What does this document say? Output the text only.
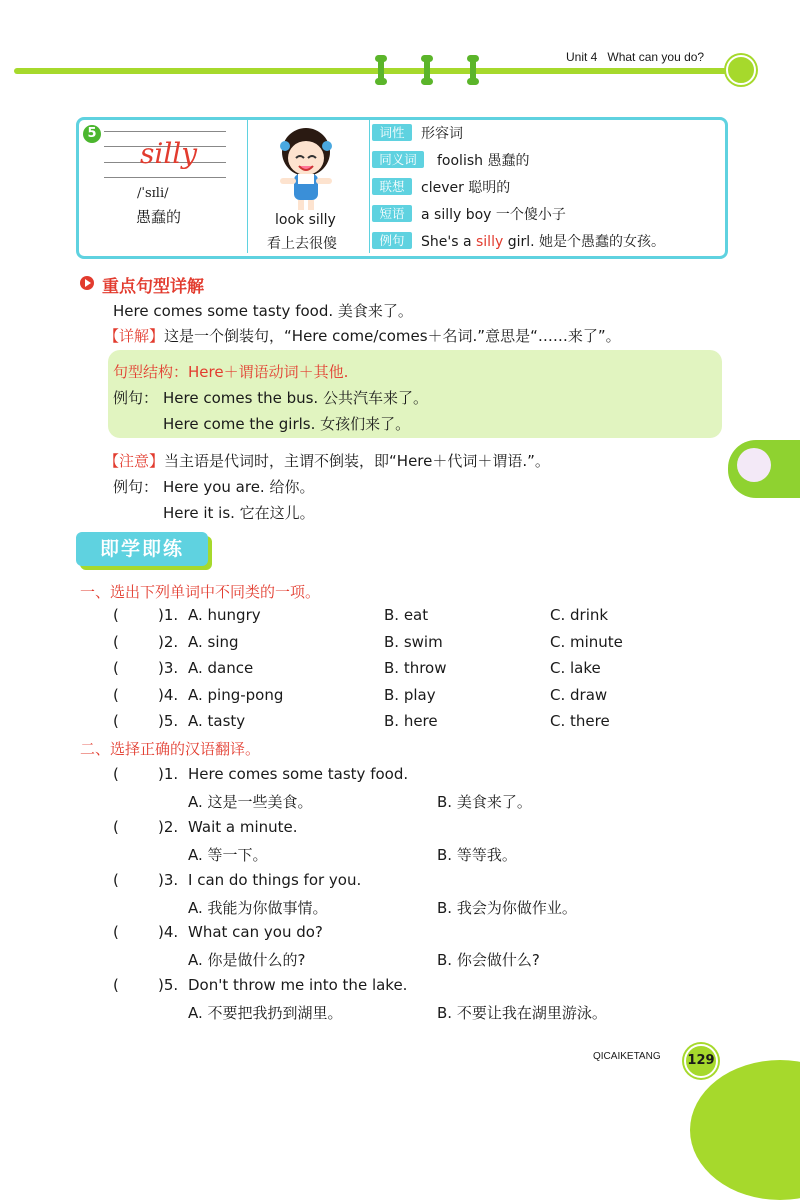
Unit 4 What can you do?
5
silly
/ˈsɪli/
愚蠢的	look silly
看上去很傻
词性	形容词
同义词	foolish 愚蠢的
联想	clever 聪明的
短语	a silly boy 一个傻小子
例句	She's a silly girl. 她是个愚蠢的女孩。
重点句型详解
Here comes some tasty food. 美食来了。
【详解】这是一个倒装句，“Here come/comes＋名词.”意思是“……来了”。
句型结构：Here＋谓语动词＋其他.
例句： Here comes the bus. 公共汽车来了。
Here come the girls. 女孩们来了。
【注意】当主语是代词时，主谓不倒装，即“Here＋代词＋谓语.”。
例句： Here you are. 给你。
Here it is. 它在这儿。
即学即练
一、选出下列单词中不同类的一项。
(	)1. A. hungry	B. eat	C. drink
(	)2. A. sing	B. swim	C. minute
(	)3. A. dance	B. throw	C. lake
(	)4. A. ping-pong	B. play	C. draw
(	)5. A. tasty	B. here	C. there
二、选择正确的汉语翻译。
(	)1. Here comes some tasty food.
A. 这是一些美食。	B. 美食来了。
(	)2. Wait a minute.
A. 等一下。	B. 等等我。
(	)3. I can do things for you.
A. 我能为你做事情。	B. 我会为你做作业。
(	)4. What can you do?
A. 你是做什么的?	B. 你会做什么?
(	)5. Don't throw me into the lake.
A. 不要把我扔到湖里。	B. 不要让我在湖里游泳。
QICAIKETANG 129
